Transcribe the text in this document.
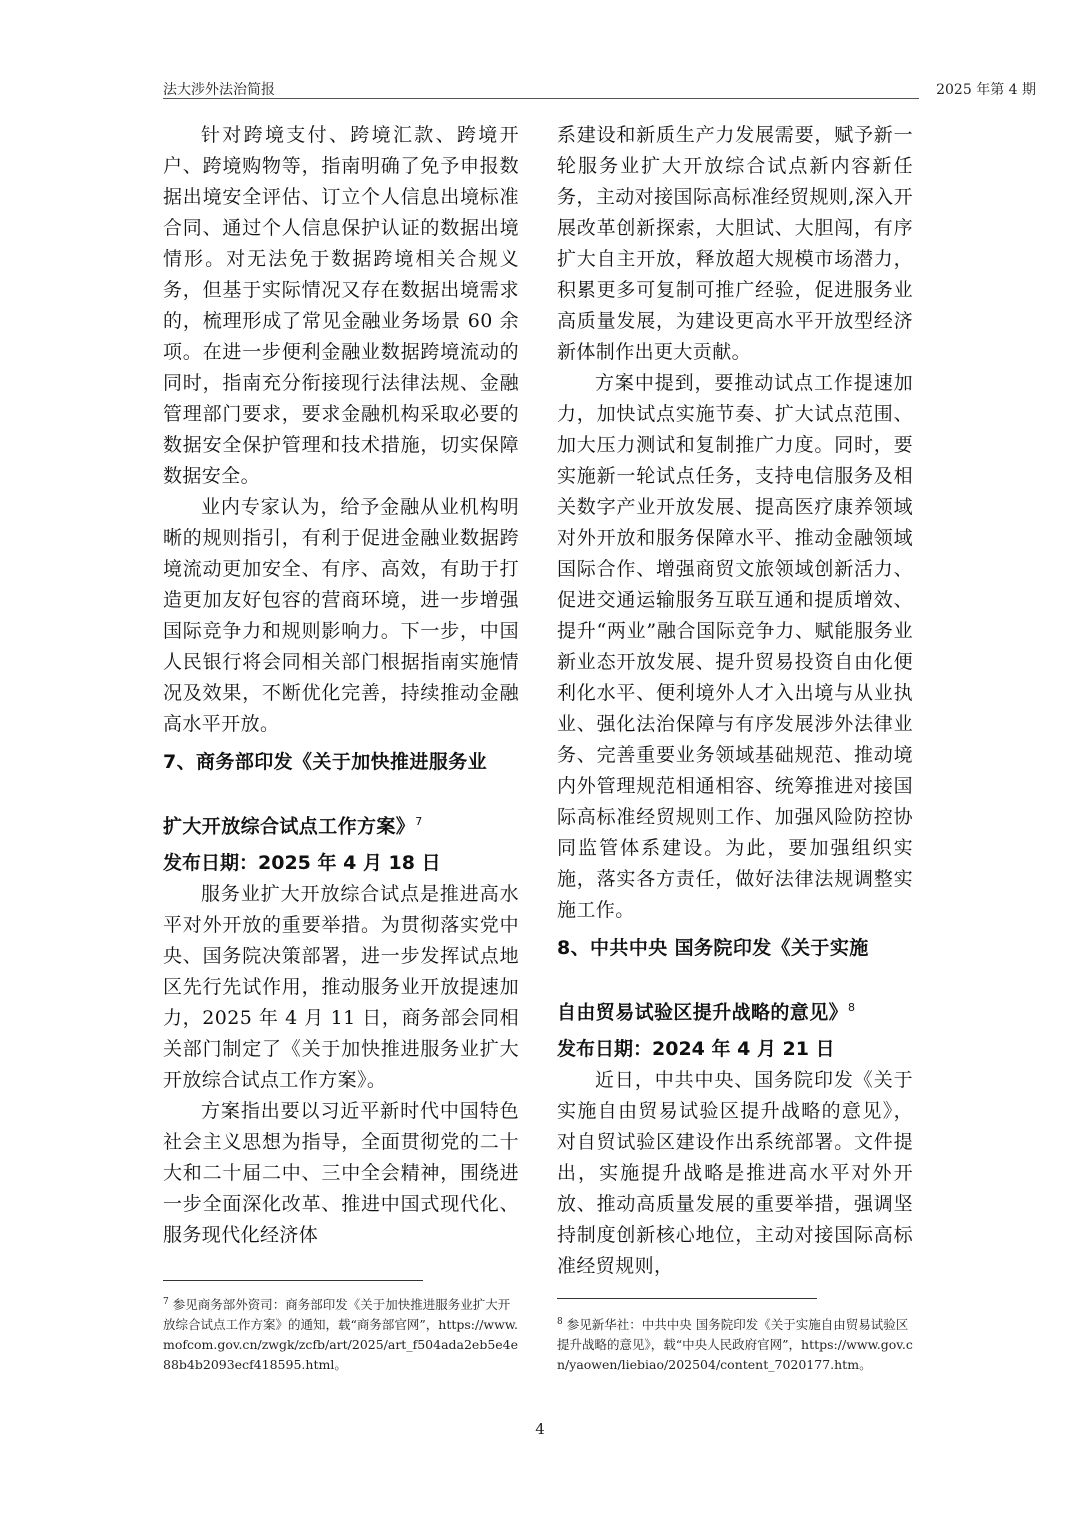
法大涉外法治简报	2025 年第 4 期

针对跨境支付、跨境汇款、跨境开户、跨境购物等，指南明确了免予申报数据出境安全评估、订立个人信息出境标准合同、通过个人信息保护认证的数据出境情形。对无法免于数据跨境相关合规义务，但基于实际情况又存在数据出境需求的，梳理形成了常见金融业务场景 60 余项。在进一步便利金融业数据跨境流动的同时，指南充分衔接现行法律法规、金融管理部门要求，要求金融机构采取必要的数据安全保护管理和技术措施，切实保障数据安全。

业内专家认为，给予金融从业机构明晰的规则指引，有利于促进金融业数据跨境流动更加安全、有序、高效，有助于打造更加友好包容的营商环境，进一步增强国际竞争力和规则影响力。下一步，中国人民银行将会同相关部门根据指南实施情况及效果，不断优化完善，持续推动金融高水平开放。

7、商务部印发《关于加快推进服务业
扩大开放综合试点工作方案》$^7$

发布日期：2025 年 4 月 18 日

服务业扩大开放综合试点是推进高水平对外开放的重要举措。为贯彻落实党中央、国务院决策部署，进一步发挥试点地区先行先试作用，推动服务业开放提速加力，2025 年 4 月 11 日，商务部会同相关部门制定了《关于加快推进服务业扩大开放综合试点工作方案》。

方案指出要以习近平新时代中国特色社会主义思想为指导，全面贯彻党的二十大和二十届二中、三中全会精神，围绕进一步全面深化改革、推进中国式现代化、服务现代化经济体

系建设和新质生产力发展需要，赋予新一轮服务业扩大开放综合试点新内容新任务，主动对接国际高标准经贸规则,深入开展改革创新探索，大胆试、大胆闯，有序扩大自主开放，释放超大规模市场潜力，积累更多可复制可推广经验，促进服务业高质量发展，为建设更高水平开放型经济新体制作出更大贡献。

方案中提到，要推动试点工作提速加力，加快试点实施节奏、扩大试点范围、加大压力测试和复制推广力度。同时，要实施新一轮试点任务，支持电信服务及相关数字产业开放发展、提高医疗康养领域对外开放和服务保障水平、推动金融领域国际合作、增强商贸文旅领域创新活力、促进交通运输服务互联互通和提质增效、提升“两业”融合国际竞争力、赋能服务业新业态开放发展、提升贸易投资自由化便利化水平、便利境外人才入出境与从业执业、强化法治保障与有序发展涉外法律业务、完善重要业务领域基础规范、推动境内外管理规范相通相容、统筹推进对接国际高标准经贸规则工作、加强风险防控协同监管体系建设。为此，要加强组织实施，落实各方责任，做好法律法规调整实施工作。

8、中共中央 国务院印发《关于实施
自由贸易试验区提升战略的意见》$^8$

发布日期：2024 年 4 月 21 日

近日，中共中央、国务院印发《关于实施自由贸易试验区提升战略的意见》，对自贸试验区建设作出系统部署。文件提出，实施提升战略是推进高水平对外开放、推动高质量发展的重要举措，强调坚持制度创新核心地位，主动对接国际高标准经贸规则，

$^7$ 参见商务部外资司：商务部印发《关于加快推进服务业扩大开放综合试点工作方案》的通知，载“商务部官网”，https://www.mofcom.gov.cn/zwgk/zcfb/art/2025/art_f504ada2eb5e4e88b4b2093ecf418595.html。
$^8$ 参见新华社：中共中央 国务院印发《关于实施自由贸易试验区提升战略的意见》，载“中央人民政府官网”，https://www.gov.cn/yaowen/liebiao/202504/content_7020177.htm。
4
